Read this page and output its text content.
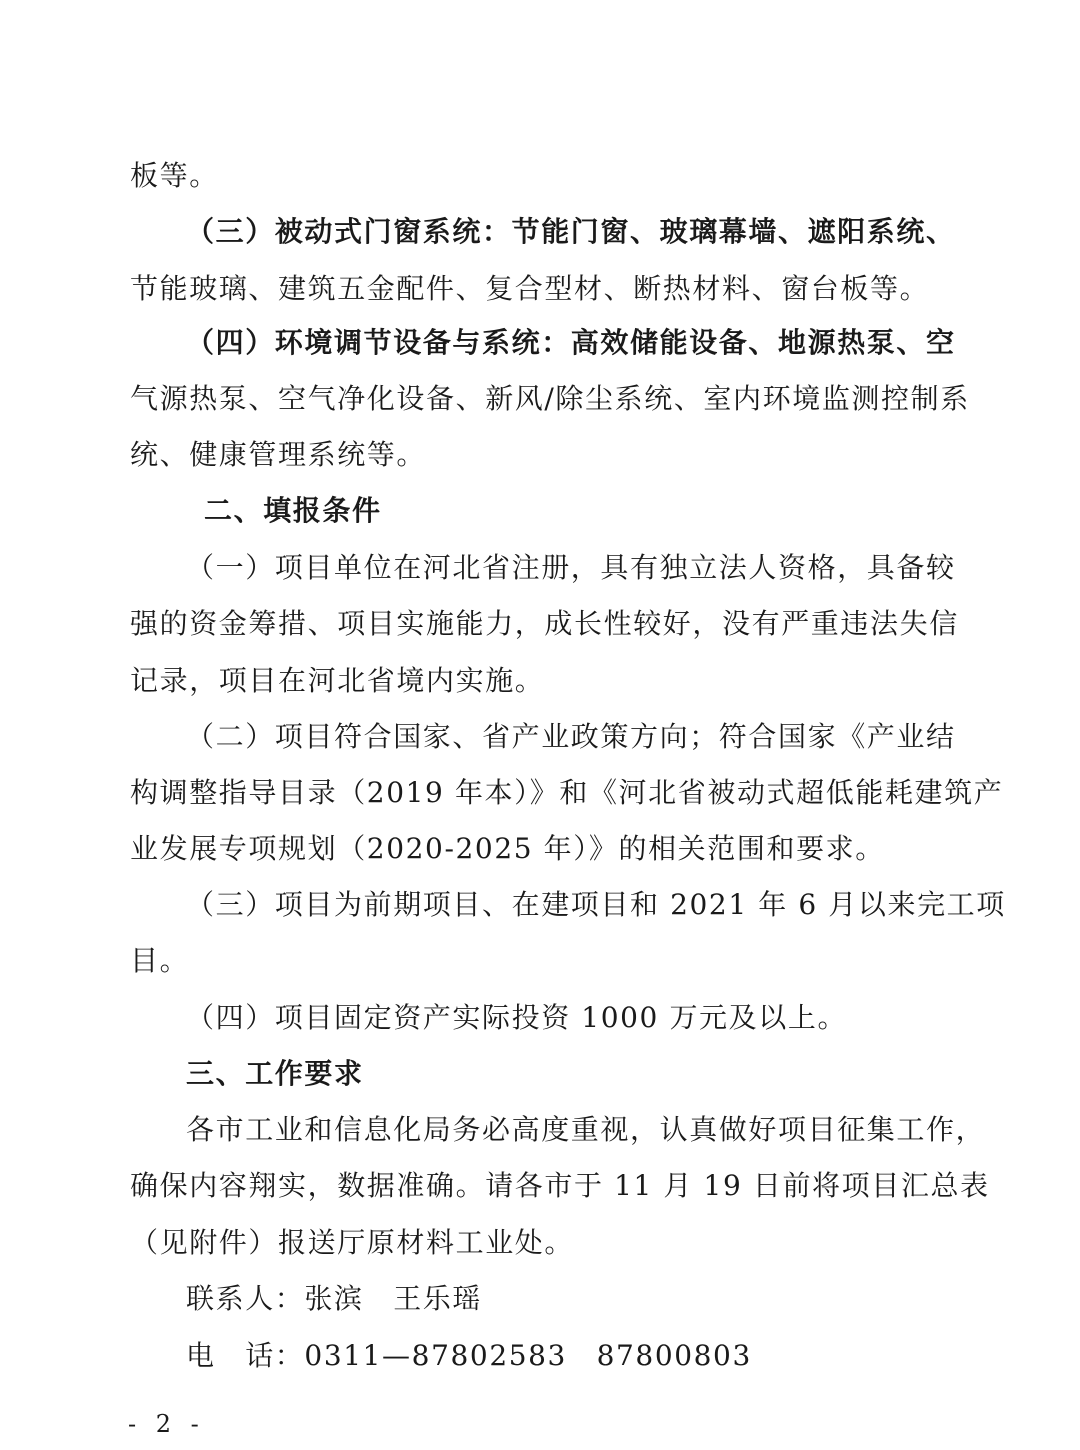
板等。
（三）被动式门窗系统：节能门窗、玻璃幕墙、遮阳系统、
节能玻璃、建筑五金配件、复合型材、断热材料、窗台板等。
（四）环境调节设备与系统：高效储能设备、地源热泵、空
气源热泵、空气净化设备、新风/除尘系统、室内环境监测控制系
统、健康管理系统等。
二、填报条件
（一）项目单位在河北省注册，具有独立法人资格，具备较
强的资金筹措、项目实施能力，成长性较好，没有严重违法失信
记录，项目在河北省境内实施。
（二）项目符合国家、省产业政策方向；符合国家《产业结
构调整指导目录（2019 年本）》和《河北省被动式超低能耗建筑产
业发展专项规划（2020-2025 年）》的相关范围和要求。
（三）项目为前期项目、在建项目和 2021 年 6 月以来完工项
目。
（四）项目固定资产实际投资 1000 万元及以上。
三、工作要求
各市工业和信息化局务必高度重视，认真做好项目征集工作，
确保内容翔实，数据准确。请各市于 11 月 19 日前将项目汇总表
（见附件）报送厅原材料工业处。
联系人：张滨　王乐瑶
电　话：0311—87802583　87800803
- 2 -
